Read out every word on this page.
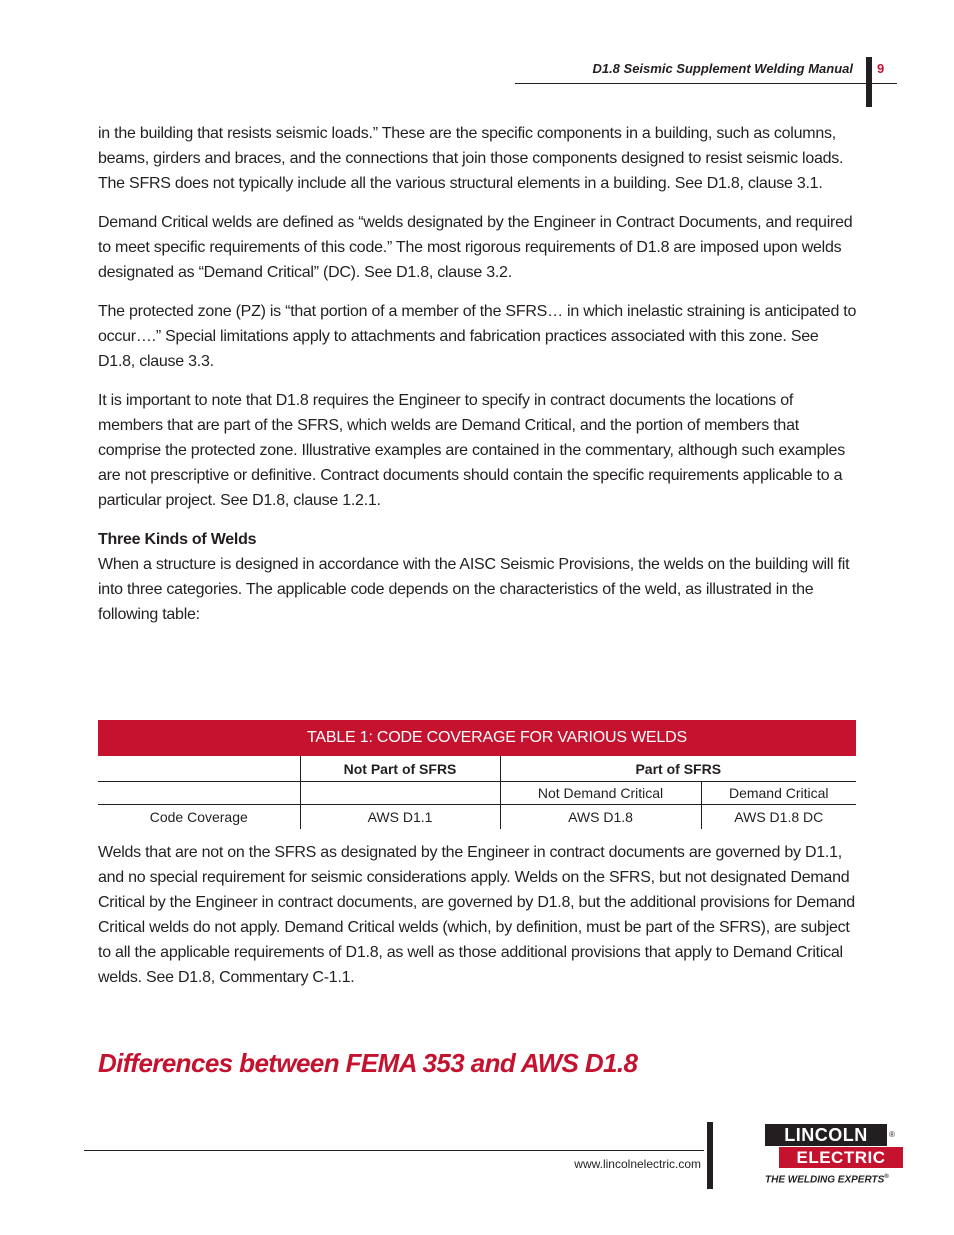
D1.8 Seismic Supplement Welding Manual 9

in the building that resists seismic loads.” These are the specific components in a building, such as columns, beams, girders and braces, and the connections that join those components designed to resist seismic loads. The SFRS does not typically include all the various structural elements in a building. See D1.8, clause 3.1.

Demand Critical welds are defined as “welds designated by the Engineer in Contract Documents, and required to meet specific requirements of this code.” The most rigorous requirements of D1.8 are imposed upon welds designated as “Demand Critical” (DC). See D1.8, clause 3.2.

The protected zone (PZ) is “that portion of a member of the SFRS… in which inelastic straining is anticipated to occur….” Special limitations apply to attachments and fabrication practices associated with this zone. See D1.8, clause 3.3.

It is important to note that D1.8 requires the Engineer to specify in contract documents the locations of members that are part of the SFRS, which welds are Demand Critical, and the portion of members that comprise the protected zone. Illustrative examples are contained in the commentary, although such examples are not prescriptive or definitive. Contract documents should contain the specific requirements applicable to a particular project. See D1.8, clause 1.2.1.

Three Kinds of Welds
When a structure is designed in accordance with the AISC Seismic Provisions, the welds on the building will fit into three categories. The applicable code depends on the characteristics of the weld, as illustrated in the following table:

TABLE 1: CODE COVERAGE FOR VARIOUS WELDS
	Not Part of SFRS	Part of SFRS	
		Not Demand Critical	Demand Critical
Code Coverage	AWS D1.1	AWS D1.8	AWS D1.8 DC

Welds that are not on the SFRS as designated by the Engineer in contract documents are governed by D1.1, and no special requirement for seismic considerations apply. Welds on the SFRS, but not designated Demand Critical by the Engineer in contract documents, are governed by D1.8, but the additional provisions for Demand Critical welds do not apply. Demand Critical welds (which, by definition, must be part of the SFRS), are subject to all the applicable requirements of D1.8, as well as those additional provisions that apply to Demand Critical welds. See D1.8, Commentary C-1.1.

Differences between FEMA 353 and AWS D1.8
www.lincolnelectric.com
LINCOLN	®
ELECTRIC
THE WELDING EXPERTS®
